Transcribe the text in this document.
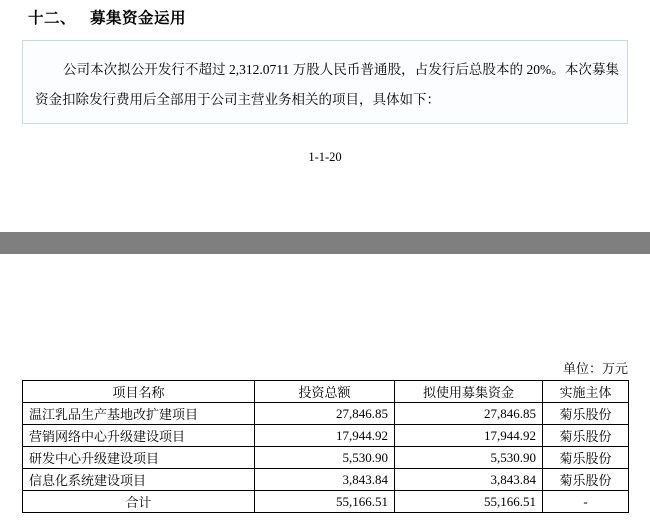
十二、 募集资金运用
公司本次拟公开发行不超过 2,312.0711 万股人民币普通股，占发行后总股本的 20%。本次募集资金扣除发行费用后全部用于公司主营业务相关的项目，具体如下：
1-1-20
单位：万元
项目名称	投资总额	拟使用募集资金	实施主体
温江乳品生产基地改扩建项目	27,846.85	27,846.85	菊乐股份
营销网络中心升级建设项目	17,944.92	17,944.92	菊乐股份
研发中心升级建设项目	5,530.90	5,530.90	菊乐股份
信息化系统建设项目	3,843.84	3,843.84	菊乐股份
合计	55,166.51	55,166.51	-
